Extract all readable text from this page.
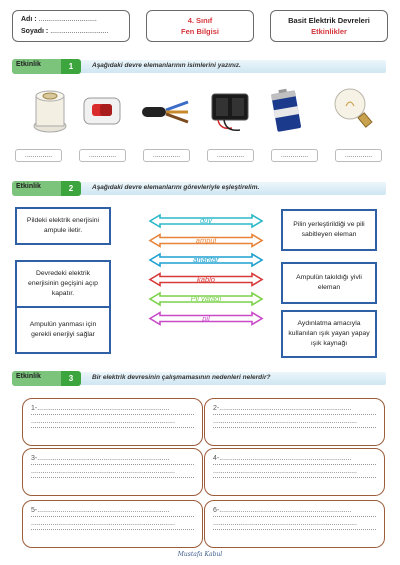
Adı : ..............................
Soyadı : ..............................
4. Sınıf
Fen Bilgisi
Basit Elektrik Devreleri
Etkinlikler
Etkinlik	1	Aşağıdaki devre elemanlarının isimlerini yazınız.
..............	..............	..............	..............	..............	..............
Etkinlik	2	Aşağıdaki devre elemanlarını görevleriyle eşleştirelim.
Pildeki elektrik enerjisini ampule iletir.
Devredeki elektrik enerjisinin geçişini açıp kapatır.
Ampulün yanması için gerekli enerjiyi sağlar
Pilin yerleştirildiği ve pili sabitleyen eleman
Ampulün takıldığı yivli eleman
Aydınlatma amacıyla kullanılan ışık yayan yapay ışık kaynağı
duy
ampul
anahtar
kablo
Pil yatağı
pil
Etkinlik	3	Bir elektrik devresinin çalışmamasının nedenleri nelerdir?
1-....................................................................
..........................................................................
2-....................................................................
..........................................................................
3-....................................................................
..........................................................................
4-....................................................................
..........................................................................
5-....................................................................
..........................................................................
6-....................................................................
..........................................................................
Mustafa Kabul
